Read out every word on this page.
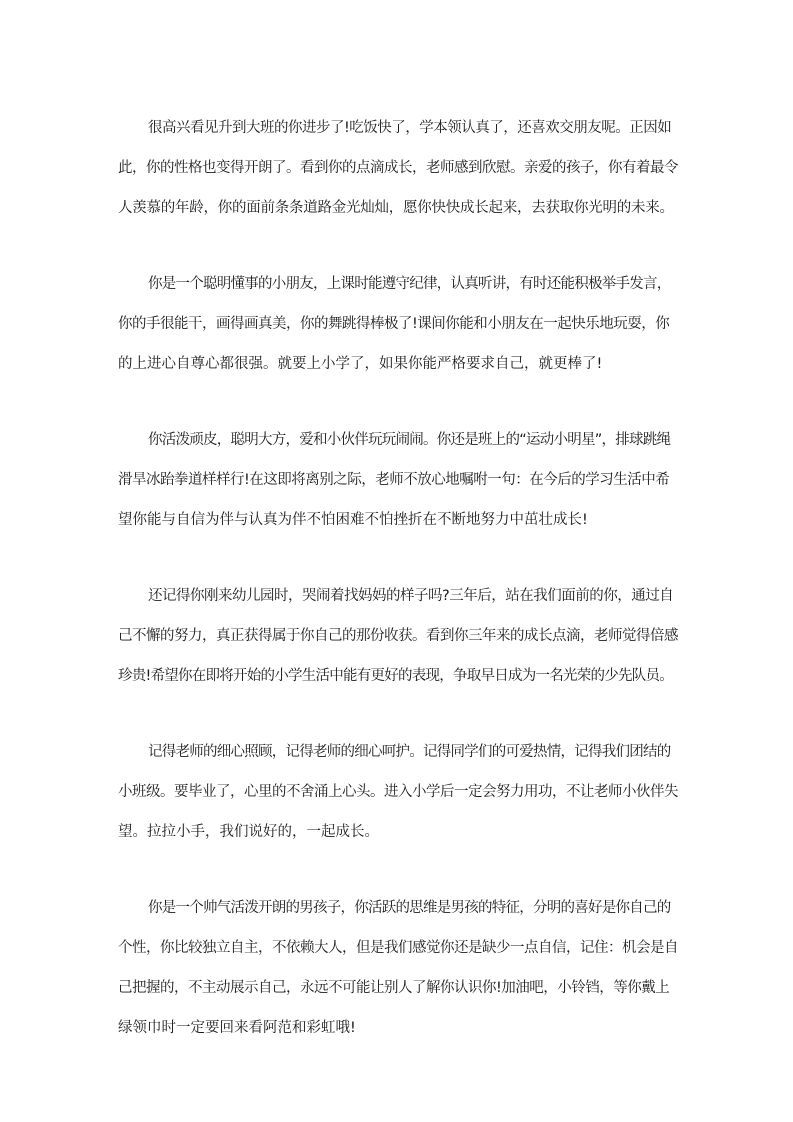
很高兴看见升到大班的你进步了!吃饭快了，学本领认真了，还喜欢交朋友呢。正因如
此，你的性格也变得开朗了。看到你的点滴成长，老师感到欣慰。亲爱的孩子，你有着最令
人羡慕的年龄，你的面前条条道路金光灿灿，愿你快快成长起来，去获取你光明的未来。
你是一个聪明懂事的小朋友，上课时能遵守纪律，认真听讲，有时还能积极举手发言，
你的手很能干，画得画真美，你的舞跳得棒极了!课间你能和小朋友在一起快乐地玩耍，你
的上进心自尊心都很强。就要上小学了，如果你能严格要求自己，就更棒了!
你活泼顽皮，聪明大方，爱和小伙伴玩玩闹闹。你还是班上的“运动小明星”，排球跳绳
滑旱冰跆拳道样样行!在这即将离别之际，老师不放心地嘱咐一句：在今后的学习生活中希
望你能与自信为伴与认真为伴不怕困难不怕挫折在不断地努力中茁壮成长!
还记得你刚来幼儿园时，哭闹着找妈妈的样子吗?三年后，站在我们面前的你，通过自
己不懈的努力，真正获得属于你自己的那份收获。看到你三年来的成长点滴，老师觉得倍感
珍贵!希望你在即将开始的小学生活中能有更好的表现，争取早日成为一名光荣的少先队员。
记得老师的细心照顾，记得老师的细心呵护。记得同学们的可爱热情，记得我们团结的
小班级。要毕业了，心里的不舍涌上心头。进入小学后一定会努力用功，不让老师小伙伴失
望。拉拉小手，我们说好的，一起成长。
你是一个帅气活泼开朗的男孩子，你活跃的思维是男孩的特征，分明的喜好是你自己的
个性，你比较独立自主，不依赖大人，但是我们感觉你还是缺少一点自信，记住：机会是自
己把握的，不主动展示自己，永远不可能让别人了解你认识你!加油吧，小铃铛，等你戴上
绿领巾时一定要回来看阿范和彩虹哦!
